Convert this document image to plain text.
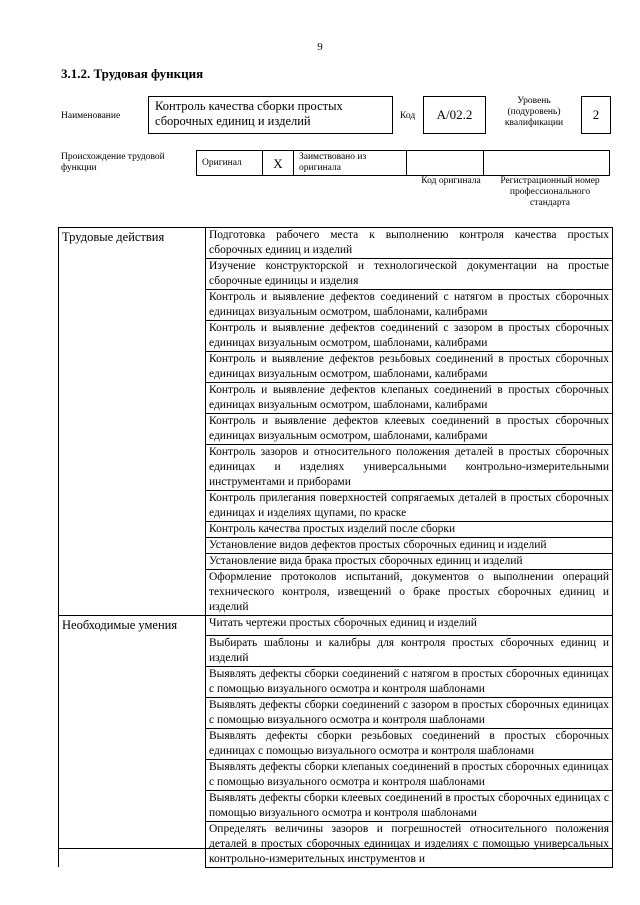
9
3.1.2. Трудовая функция
Наименование
Контроль качества сборки простых сборочных единиц и изделий	Код	А/02.2
Уровень (подуровень) квалификации
2
Происхождение трудовой функции
Оригинал	X	Заимствовано из оригинала		
Код оригинала	Регистрационный номер профессионального стандарта
Трудовые действия	Подготовка рабочего места к выполнению контроля качества простых сборочных единиц и изделий
	Изучение конструкторской и технологической документации на простые сборочные единицы и изделия
	Контроль и выявление дефектов соединений с натягом в простых сборочных единицах визуальным осмотром, шаблонами, калибрами
	Контроль и выявление дефектов соединений с зазором в простых сборочных единицах визуальным осмотром, шаблонами, калибрами
	Контроль и выявление дефектов резьбовых соединений в простых сборочных единицах визуальным осмотром, шаблонами, калибрами
	Контроль и выявление дефектов клепаных соединений в простых сборочных единицах визуальным осмотром, шаблонами, калибрами
	Контроль и выявление дефектов клеевых соединений в простых сборочных единицах визуальным осмотром, шаблонами, калибрами
	Контроль зазоров и относительного положения деталей в простых сборочных единицах и изделиях универсальными контрольно-измерительными инструментами и приборами
	Контроль прилегания поверхностей сопрягаемых деталей в простых сборочных единицах и изделиях щупами, по краске
	Контроль качества простых изделий после сборки
	Установление видов дефектов простых сборочных единиц и изделий
	Установление вида брака простых сборочных единиц и изделий
	Оформление протоколов испытаний, документов о выполнении операций технического контроля, извещений о браке простых сборочных единиц и изделий
Необходимые умения	Читать чертежи простых сборочных единиц и изделий
	Выбирать шаблоны и калибры для контроля простых сборочных единиц и изделий
	Выявлять дефекты сборки соединений с натягом в простых сборочных единицах с помощью визуального осмотра и контроля шаблонами
	Выявлять дефекты сборки соединений с зазором в простых сборочных единицах с помощью визуального осмотра и контроля шаблонами
	Выявлять дефекты сборки резьбовых соединений в простых сборочных единицах с помощью визуального осмотра и контроля шаблонами
	Выявлять дефекты сборки клепаных соединений в простых сборочных единицах с помощью визуального осмотра и контроля шаблонами
	Выявлять дефекты сборки клеевых соединений в простых сборочных единицах с помощью визуального осмотра и контроля шаблонами
	Определять величины зазоров и погрешностей относительного положения деталей в простых сборочных единицах и изделиях с помощью универсальных контрольно-измерительных инструментов и
